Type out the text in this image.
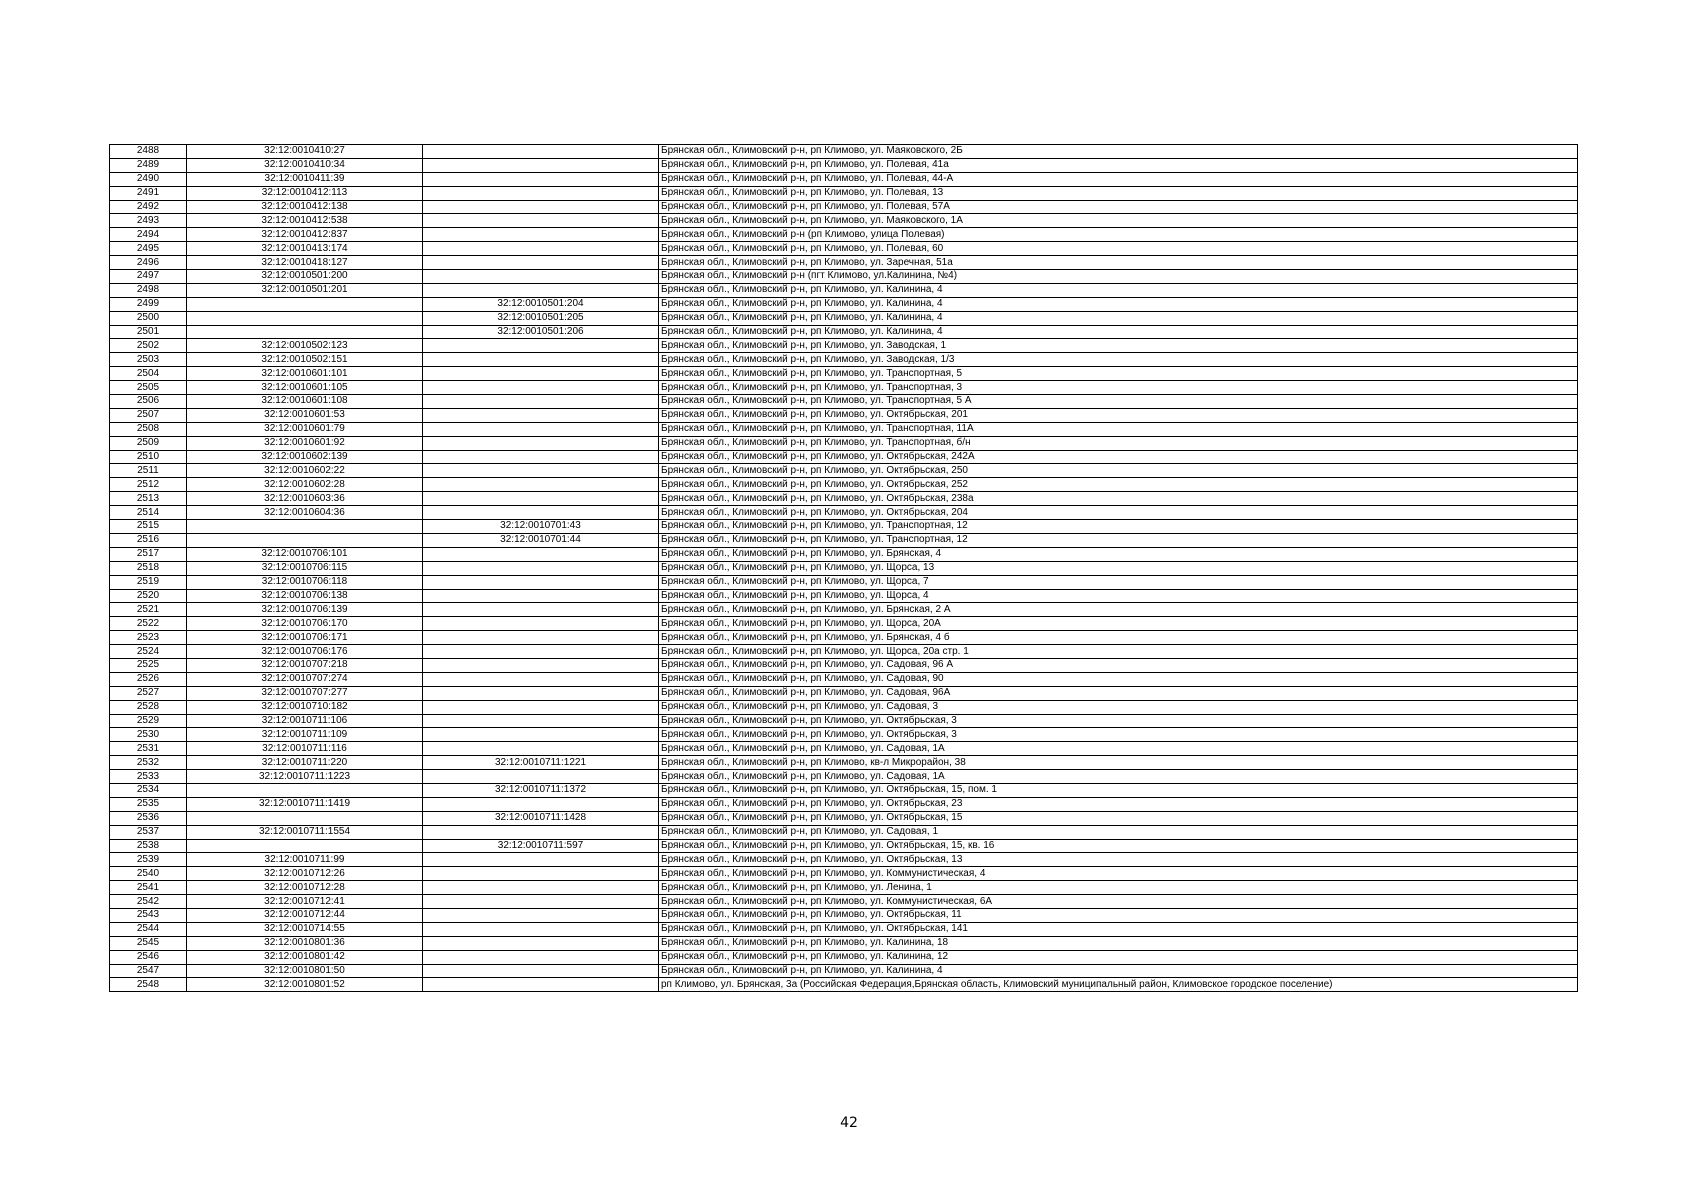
2488	32:12:0010410:27		Брянская обл., Климовский р-н, рп Климово, ул. Маяковского, 2Б
2489	32:12:0010410:34		Брянская обл., Климовский р-н, рп Климово, ул. Полевая, 41а
2490	32:12:0010411:39		Брянская обл., Климовский р-н, рп Климово, ул. Полевая, 44-А
2491	32:12:0010412:113		Брянская обл., Климовский р-н, рп Климово, ул. Полевая, 13
2492	32:12:0010412:138		Брянская обл., Климовский р-н, рп Климово, ул. Полевая, 57А
2493	32:12:0010412:538		Брянская обл., Климовский р-н, рп Климово, ул. Маяковского, 1А
2494	32:12:0010412:837		Брянская обл., Климовский р-н (рп Климово, улица Полевая)
2495	32:12:0010413:174		Брянская обл., Климовский р-н, рп Климово, ул. Полевая, 60
2496	32:12:0010418:127		Брянская обл., Климовский р-н, рп Климово, ул. Заречная, 51а
2497	32:12:0010501:200		Брянская обл., Климовский р-н (пгт Климово, ул.Калинина, №4)
2498	32:12:0010501:201		Брянская обл., Климовский р-н, рп Климово, ул. Калинина, 4
2499		32:12:0010501:204	Брянская обл., Климовский р-н, рп Климово, ул. Калинина, 4
2500		32:12:0010501:205	Брянская обл., Климовский р-н, рп Климово, ул. Калинина, 4
2501		32:12:0010501:206	Брянская обл., Климовский р-н, рп Климово, ул. Калинина, 4
2502	32:12:0010502:123		Брянская обл., Климовский р-н, рп Климово, ул. Заводская, 1
2503	32:12:0010502:151		Брянская обл., Климовский р-н, рп Климово, ул. Заводская, 1/3
2504	32:12:0010601:101		Брянская обл., Климовский р-н, рп Климово, ул. Транспортная, 5
2505	32:12:0010601:105		Брянская обл., Климовский р-н, рп Климово, ул. Транспортная, 3
2506	32:12:0010601:108		Брянская обл., Климовский р-н, рп Климово, ул. Транспортная, 5 А
2507	32:12:0010601:53		Брянская обл., Климовский р-н, рп Климово, ул. Октябрьская, 201
2508	32:12:0010601:79		Брянская обл., Климовский р-н, рп Климово, ул. Транспортная, 11А
2509	32:12:0010601:92		Брянская обл., Климовский р-н, рп Климово, ул. Транспортная, б/н
2510	32:12:0010602:139		Брянская обл., Климовский р-н, рп Климово, ул. Октябрьская, 242А
2511	32:12:0010602:22		Брянская обл., Климовский р-н, рп Климово, ул. Октябрьская, 250
2512	32:12:0010602:28		Брянская обл., Климовский р-н, рп Климово, ул. Октябрьская, 252
2513	32:12:0010603:36		Брянская обл., Климовский р-н, рп Климово, ул. Октябрьская, 238а
2514	32:12:0010604:36		Брянская обл., Климовский р-н, рп Климово, ул. Октябрьская, 204
2515		32:12:0010701:43	Брянская обл., Климовский р-н, рп Климово, ул. Транспортная, 12
2516		32:12:0010701:44	Брянская обл., Климовский р-н, рп Климово, ул. Транспортная, 12
2517	32:12:0010706:101		Брянская обл., Климовский р-н, рп Климово, ул. Брянская, 4
2518	32:12:0010706:115		Брянская обл., Климовский р-н, рп Климово, ул. Щорса, 13
2519	32:12:0010706:118		Брянская обл., Климовский р-н, рп Климово, ул. Щорса, 7
2520	32:12:0010706:138		Брянская обл., Климовский р-н, рп Климово, ул. Щорса, 4
2521	32:12:0010706:139		Брянская обл., Климовский р-н, рп Климово, ул. Брянская, 2 А
2522	32:12:0010706:170		Брянская обл., Климовский р-н, рп Климово, ул. Щорса, 20А
2523	32:12:0010706:171		Брянская обл., Климовский р-н, рп Климово, ул. Брянская, 4 б
2524	32:12:0010706:176		Брянская обл., Климовский р-н, рп Климово, ул. Щорса, 20а стр. 1
2525	32:12:0010707:218		Брянская обл., Климовский р-н, рп Климово, ул. Садовая, 96 А
2526	32:12:0010707:274		Брянская обл., Климовский р-н, рп Климово, ул. Садовая, 90
2527	32:12:0010707:277		Брянская обл., Климовский р-н, рп Климово, ул. Садовая, 96А
2528	32:12:0010710:182		Брянская обл., Климовский р-н, рп Климово, ул. Садовая, 3
2529	32:12:0010711:106		Брянская обл., Климовский р-н, рп Климово, ул. Октябрьская, 3
2530	32:12:0010711:109		Брянская обл., Климовский р-н, рп Климово, ул. Октябрьская, 3
2531	32:12:0010711:116		Брянская обл., Климовский р-н, рп Климово, ул. Садовая, 1А
2532	32:12:0010711:220	32:12:0010711:1221	Брянская обл., Климовский р-н, рп Климово, кв-л Микрорайон, 38
2533	32:12:0010711:1223		Брянская обл., Климовский р-н, рп Климово, ул. Садовая, 1А
2534		32:12:0010711:1372	Брянская обл., Климовский р-н, рп Климово, ул. Октябрьская, 15, пом. 1
2535	32:12:0010711:1419		Брянская обл., Климовский р-н, рп Климово, ул. Октябрьская, 23
2536		32:12:0010711:1428	Брянская обл., Климовский р-н, рп Климово, ул. Октябрьская, 15
2537	32:12:0010711:1554		Брянская обл., Климовский р-н, рп Климово, ул. Садовая, 1
2538		32:12:0010711:597	Брянская обл., Климовский р-н, рп Климово, ул. Октябрьская, 15, кв. 16
2539	32:12:0010711:99		Брянская обл., Климовский р-н, рп Климово, ул. Октябрьская, 13
2540	32:12:0010712:26		Брянская обл., Климовский р-н, рп Климово, ул. Коммунистическая, 4
2541	32:12:0010712:28		Брянская обл., Климовский р-н, рп Климово, ул. Ленина, 1
2542	32:12:0010712:41		Брянская обл., Климовский р-н, рп Климово, ул. Коммунистическая, 6А
2543	32:12:0010712:44		Брянская обл., Климовский р-н, рп Климово, ул. Октябрьская, 11
2544	32:12:0010714:55		Брянская обл., Климовский р-н, рп Климово, ул. Октябрьская, 141
2545	32:12:0010801:36		Брянская обл., Климовский р-н, рп Климово, ул. Калинина, 18
2546	32:12:0010801:42		Брянская обл., Климовский р-н, рп Климово, ул. Калинина, 12
2547	32:12:0010801:50		Брянская обл., Климовский р-н, рп Климово, ул. Калинина, 4
2548	32:12:0010801:52		рп Климово, ул. Брянская, 3а (Российская Федерация,Брянская область, Климовский муниципальный район, Климовское городское поселение)
42
